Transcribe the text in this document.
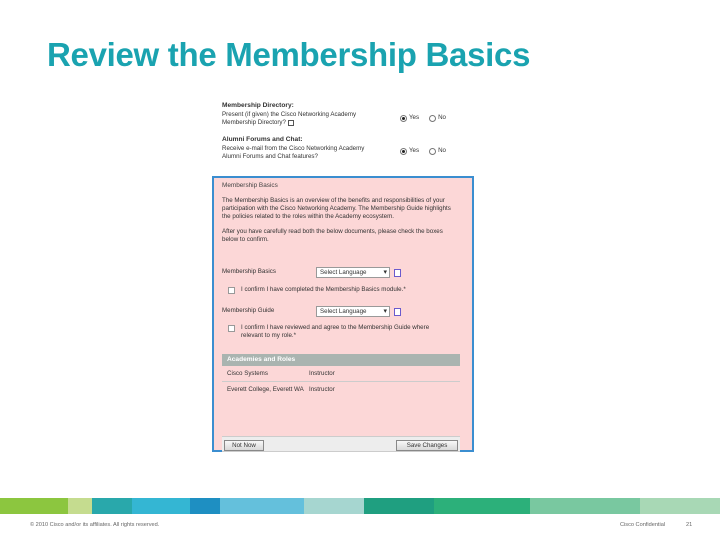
Review the Membership Basics
Membership Directory:
Present (if given) the Cisco Networking Academy Membership Directory?
Yes	No
Alumni Forums and Chat:
Receive e-mail from the Cisco Networking Academy Alumni Forums and Chat features?
Yes	No
Membership Basics
The Membership Basics is an overview of the benefits and responsibilities of your participation with the Cisco Networking Academy. The Membership Guide highlights the policies related to the roles within the Academy ecosystem.
After you have carefully read both the below documents, please check the boxes below to confirm.
Membership Basics	Select Language ▾
I confirm I have completed the Membership Basics module.*
Membership Guide	Select Language ▾
I confirm I have reviewed and agree to the Membership Guide where relevant to my role.*
Academies and Roles
Cisco Systems	Instructor
Everett College, Everett WA Instructor
Not Now	Save Changes
© 2010 Cisco and/or its affiliates. All rights reserved.	Cisco Confidential	21
